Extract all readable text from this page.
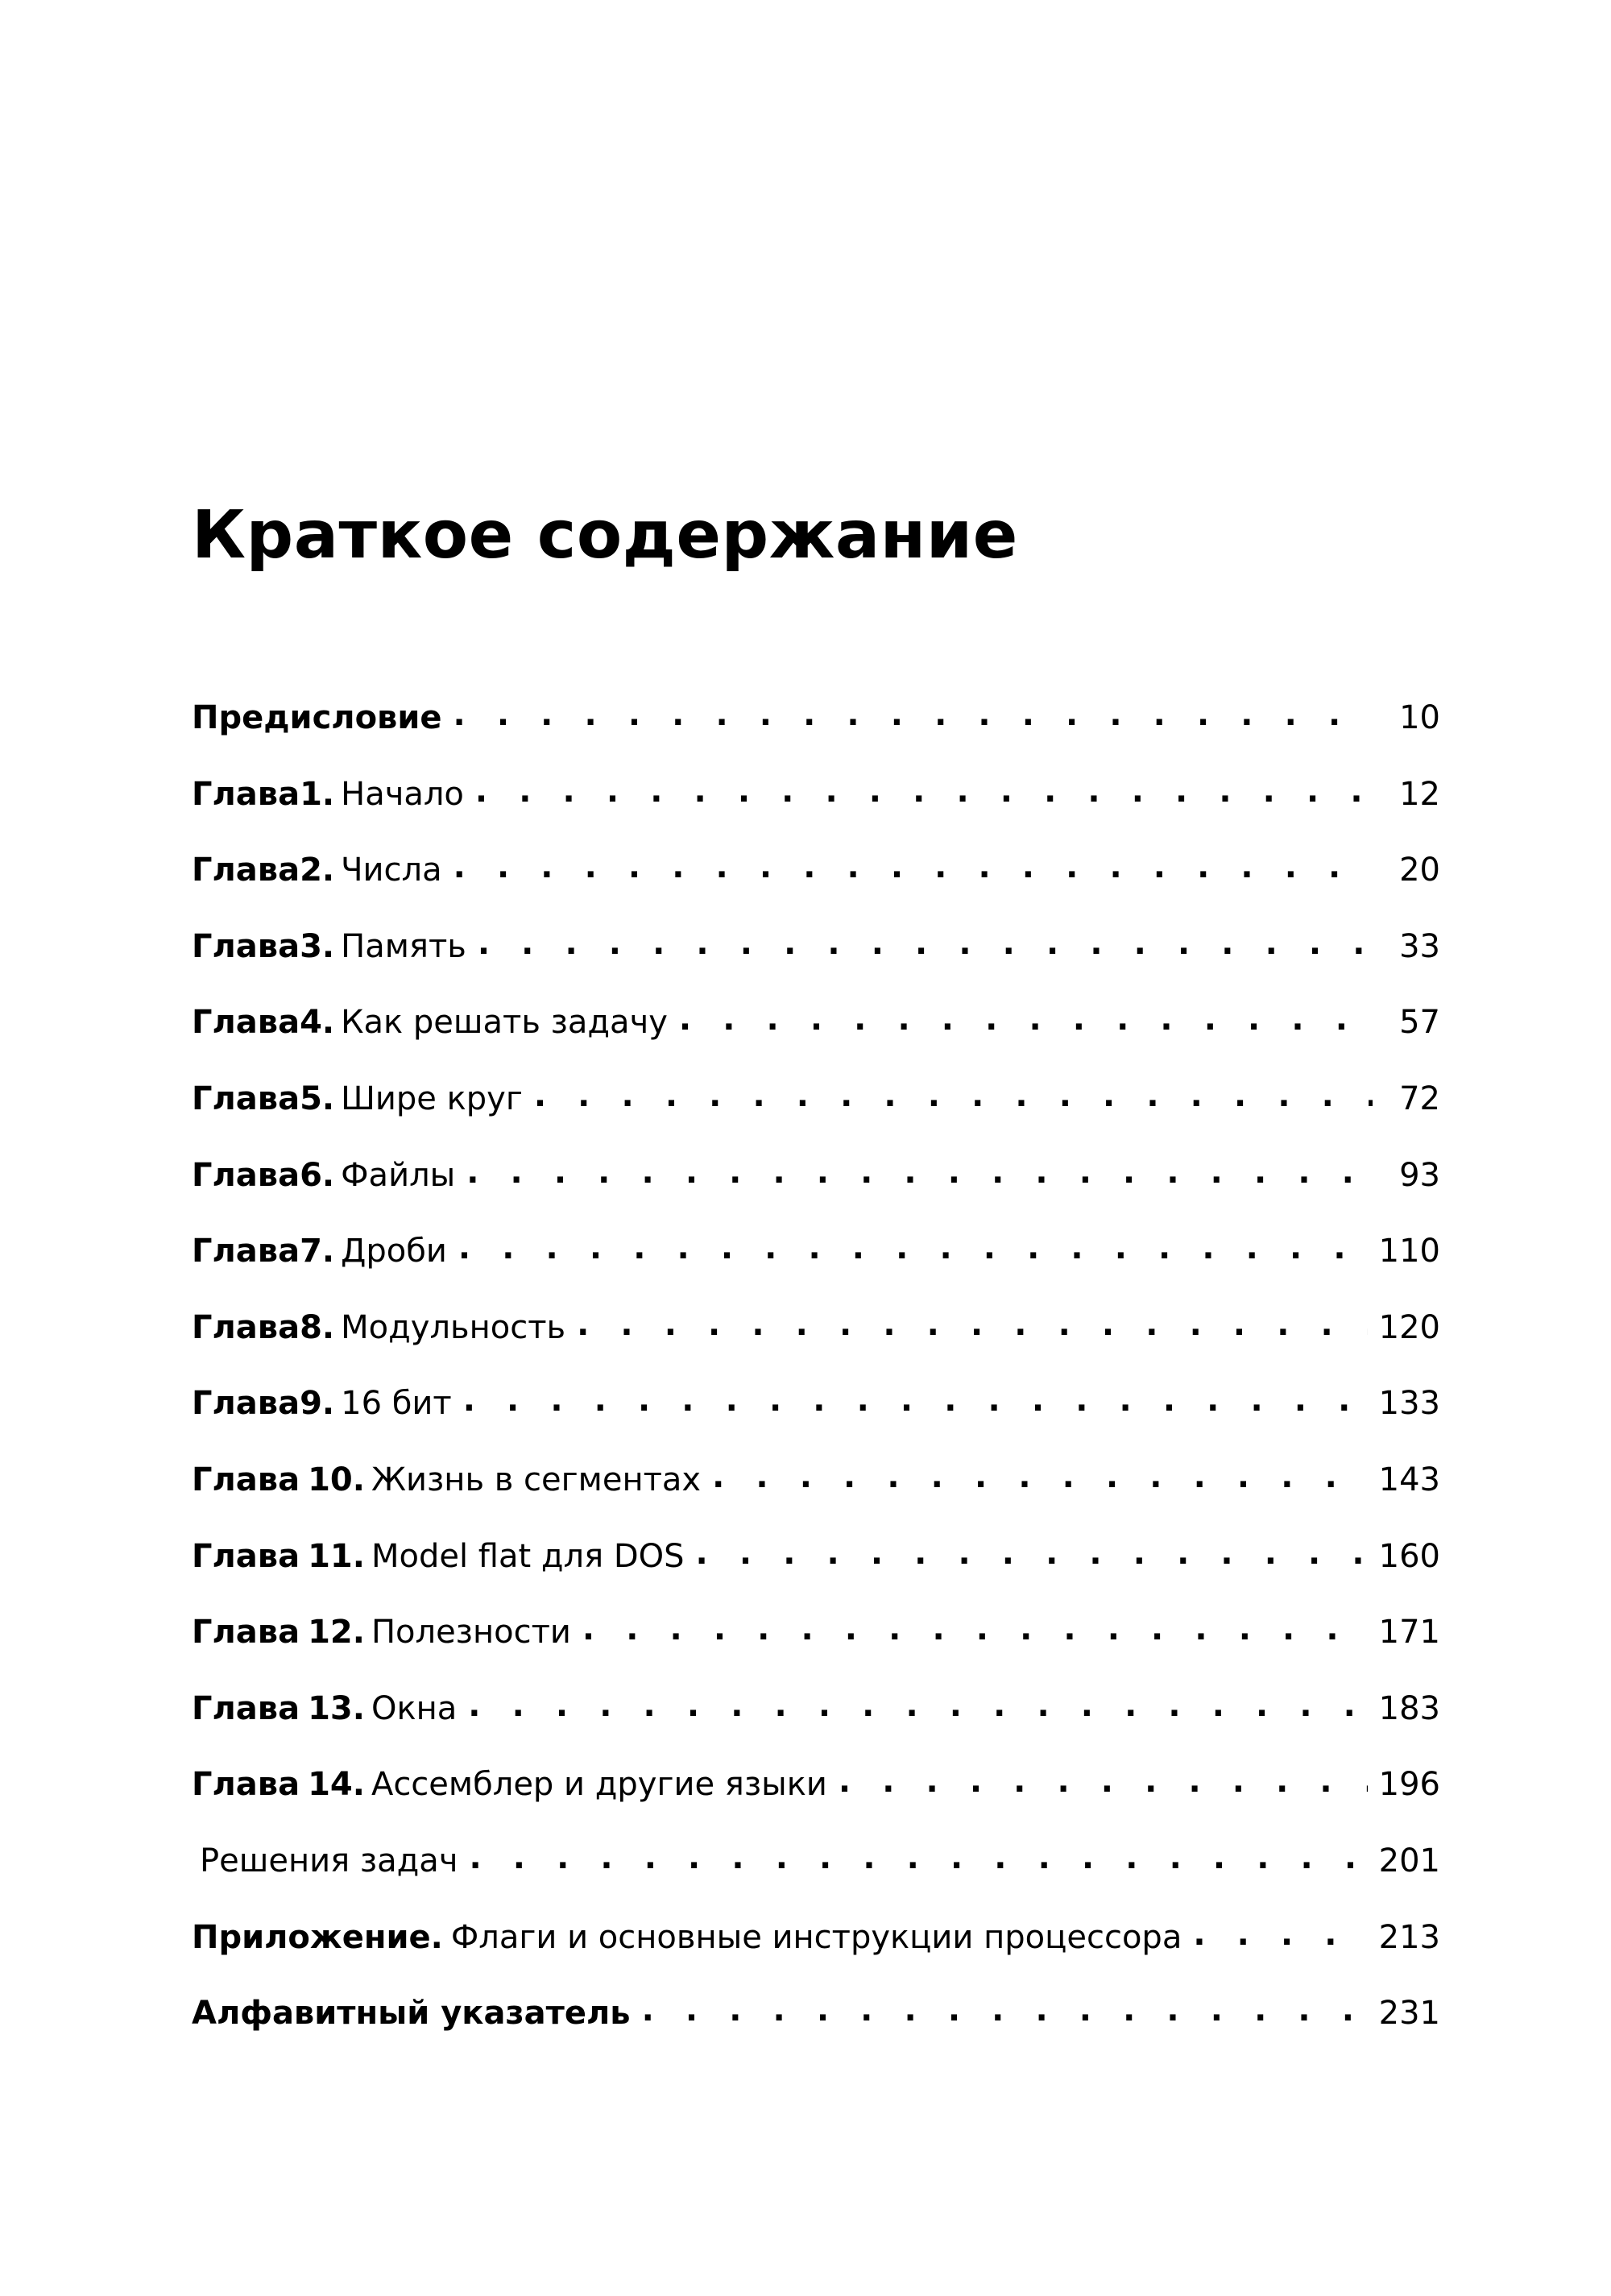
Краткое содержание
Предисловие . . .	10
Глава 1. Начало . . .	12
Глава 2. Числа . . .	20
Глава 3. Память . . .	33
Глава 4. Как решать задачу . . .	57
Глава 5. Шире круг . . .	72
Глава 6. Файлы . . .	93
Глава 7. Дроби . . .	110
Глава 8. Модульность . . .	120
Глава 9. 16 бит . . .	133
Глава 10. Жизнь в сегментах . . .	143
Глава 11. Model flat для DOS . . .	160
Глава 12. Полезности . . .	171
Глава 13. Окна . . .	183
Глава 14. Ассемблер и другие языки . . .	196
Решения задач . . .	201
Приложение. Флаги и основные инструкции процессора . . .	213
Алфавитный указатель . . .	231
